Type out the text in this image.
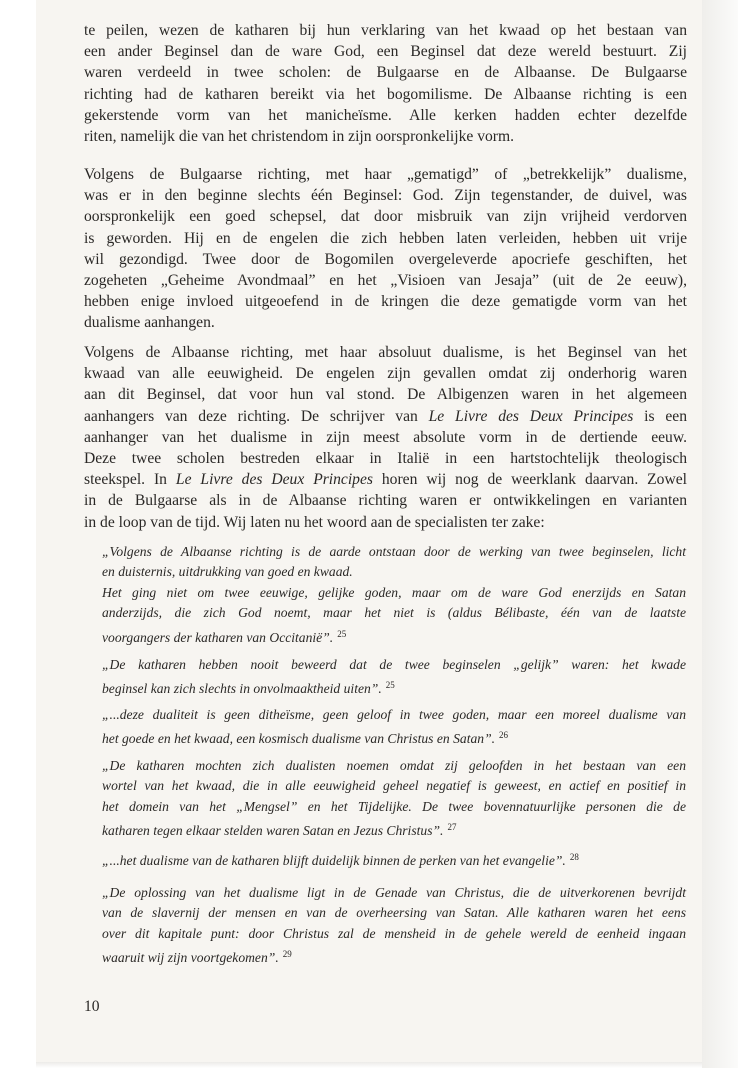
te peilen, wezen de katharen bij hun verklaring van het kwaad op het bestaan van
een ander Beginsel dan de ware God, een Beginsel dat deze wereld bestuurt. Zij
waren verdeeld in twee scholen: de Bulgaarse en de Albaanse. De Bulgaarse
richting had de katharen bereikt via het bogomilisme. De Albaanse richting is een
gekerstende vorm van het manicheïsme. Alle kerken hadden echter dezelfde
riten, namelijk die van het christendom in zijn oorspronkelijke vorm.

Volgens de Bulgaarse richting, met haar „gematigd” of „betrekkelijk” dualisme,
was er in den beginne slechts één Beginsel: God. Zijn tegenstander, de duivel, was
oorspronkelijk een goed schepsel, dat door misbruik van zijn vrijheid verdorven
is geworden. Hij en de engelen die zich hebben laten verleiden, hebben uit vrije
wil gezondigd. Twee door de Bogomilen overgeleverde apocriefe geschiften, het
zogeheten „Geheime Avondmaal” en het „Visioen van Jesaja” (uit de 2e eeuw),
hebben enige invloed uitgeoefend in de kringen die deze gematigde vorm van het
dualisme aanhangen.

Volgens de Albaanse richting, met haar absoluut dualisme, is het Beginsel van het
kwaad van alle eeuwigheid. De engelen zijn gevallen omdat zij onderhorig waren
aan dit Beginsel, dat voor hun val stond. De Albigenzen waren in het algemeen
aanhangers van deze richting. De schrijver van Le Livre des Deux Principes is een
aanhanger van het dualisme in zijn meest absolute vorm in de dertiende eeuw.
Deze twee scholen bestreden elkaar in Italië in een hartstochtelijk theologisch
steekspel. In Le Livre des Deux Principes horen wij nog de weerklank daarvan. Zowel
in de Bulgaarse als in de Albaanse richting waren er ontwikkelingen en varianten
in de loop van de tijd. Wij laten nu het woord aan de specialisten ter zake:

„Volgens de Albaanse richting is de aarde ontstaan door de werking van twee beginselen, licht
en duisternis, uitdrukking van goed en kwaad.
Het ging niet om twee eeuwige, gelijke goden, maar om de ware God enerzijds en Satan
anderzijds, die zich God noemt, maar het niet is (aldus Bélibaste, één van de laatste
voorgangers der katharen van Occitanië”. $^{25}$

„De katharen hebben nooit beweerd dat de twee beginselen „gelijk” waren: het kwade
beginsel kan zich slechts in onvolmaaktheid uiten”. $^{25}$

„...deze dualiteit is geen ditheïsme, geen geloof in twee goden, maar een moreel dualisme van
het goede en het kwaad, een kosmisch dualisme van Christus en Satan”. $^{26}$

„De katharen mochten zich dualisten noemen omdat zij geloofden in het bestaan van een
wortel van het kwaad, die in alle eeuwigheid geheel negatief is geweest, en actief en positief in
het domein van het „Mengsel” en het Tijdelijke. De twee bovennatuurlijke personen die de
katharen tegen elkaar stelden waren Satan en Jezus Christus”. $^{27}$

„...het dualisme van de katharen blijft duidelijk binnen de perken van het evangelie”. $^{28}$

„De oplossing van het dualisme ligt in de Genade van Christus, die de uitverkorenen bevrijdt
van de slavernij der mensen en van de overheersing van Satan. Alle katharen waren het eens
over dit kapitale punt: door Christus zal de mensheid in de gehele wereld de eenheid ingaan
waaruit wij zijn voortgekomen”. $^{29}$

10
